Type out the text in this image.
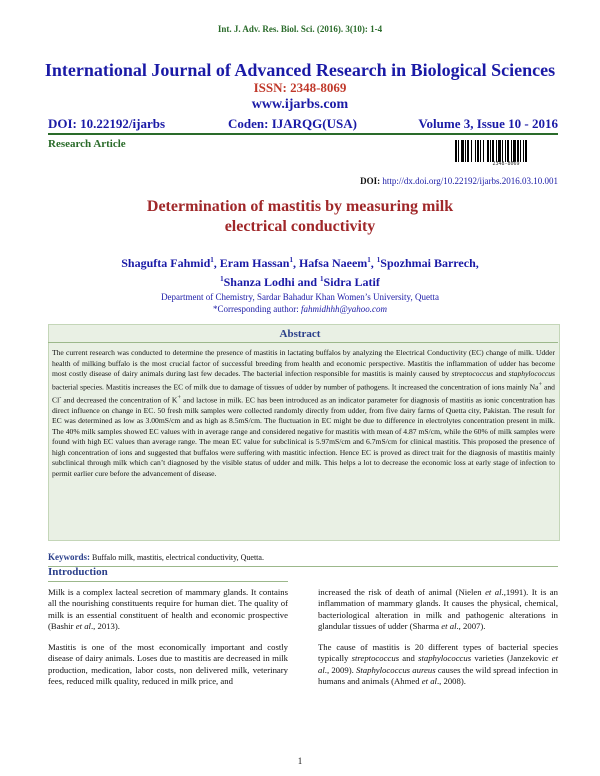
Int. J. Adv. Res. Biol. Sci. (2016). 3(10): 1-4
International Journal of Advanced Research in Biological Sciences
ISSN: 2348-8069
www.ijarbs.com
DOI: 10.22192/ijarbs	Coden: IJARQG(USA)	Volume 3, Issue 10 - 2016
Research Article
2348-8069
DOI: http://dx.doi.org/10.22192/ijarbs.2016.03.10.001
Determination of mastitis by measuring milk
electrical conductivity
Shagufta Fahmid$^1$, Eram Hassan$^1$, Hafsa Naeem$^1$, $^1$Spozhmai Barrech,
$^1$Shanza Lodhi and $^1$Sidra Latif
Department of Chemistry, Sardar Bahadur Khan Women’s University, Quetta
*Corresponding author: fahmidhhh@yahoo.com
Abstract
The current research was conducted to determine the presence of mastitis in lactating buffalos by analyzing the Electrical Conductivity (EC) change of milk. Udder health of milking buffalo is the most crucial factor of successful breeding from health and economic perspective. Mastitis the inflammation of udder has become most costly disease of dairy animals during last few decades. The bacterial infection responsible for mastitis is mainly caused by streptococcus and staphylococcus bacterial species. Mastitis increases the EC of milk due to damage of tissues of udder by number of pathogens. It increased the concentration of ions mainly Na+ and Cl- and decreased the concentration of K+ and lactose in milk. EC has been introduced as an indicator parameter for diagnosis of mastitis as ionic concentration has direct influence on change in EC. 50 fresh milk samples were collected randomly directly from udder, from five dairy farms of Quetta city, Pakistan. The result for EC was determined as low as 3.00mS/cm and as high as 8.5mS/cm. The fluctuation in EC might be due to difference in electrolytes concentration present in milk. The 40% milk samples showed EC values with in average range and considered negative for mastitis with mean of 4.87 mS/cm, while the 60% of milk samples were found with high EC values than average range. The mean EC value for subclinical is 5.97mS/cm and 6.7mS/cm for clinical mastitis. This proposed the presence of high concentration of ions and suggested that buffalos were suffering with mastitic infection. Hence EC is proved as direct trait for the diagnosis of mastitis mainly subclinical through milk which can’t diagnosed by the visible status of udder and milk. This helps a lot to decrease the economic loss at early stage of infection to permit earlier cure before the advancement of disease.
Keywords: Buffalo milk, mastitis, electrical conductivity, Quetta.
Introduction

Milk is a complex lacteal secretion of mammary glands. It contains all the nourishing constituents require for human diet. The quality of milk is an essential constituent of health and economic prospective (Bashir et al., 2013).

Mastitis is one of the most economically important and costly disease of dairy animals. Loses due to mastitis are decreased in milk production, medication, labor costs, non delivered milk, veterinary fees, reduced milk quality, reduced in milk price, and

increased the risk of death of animal (Nielen et al.,1991). It is an inflammation of mammary glands. It causes the physical, chemical, bacteriological alteration in milk and pathogenic alterations in glandular tissues of udder (Sharma et al., 2007).

The cause of mastitis is 20 different types of bacterial species typically streptococcus and staphylococcus varieties (Janzekovic et al., 2009). Staphylococcus aureus causes the wild spread infection in humans and animals (Ahmed et al., 2008).

1
